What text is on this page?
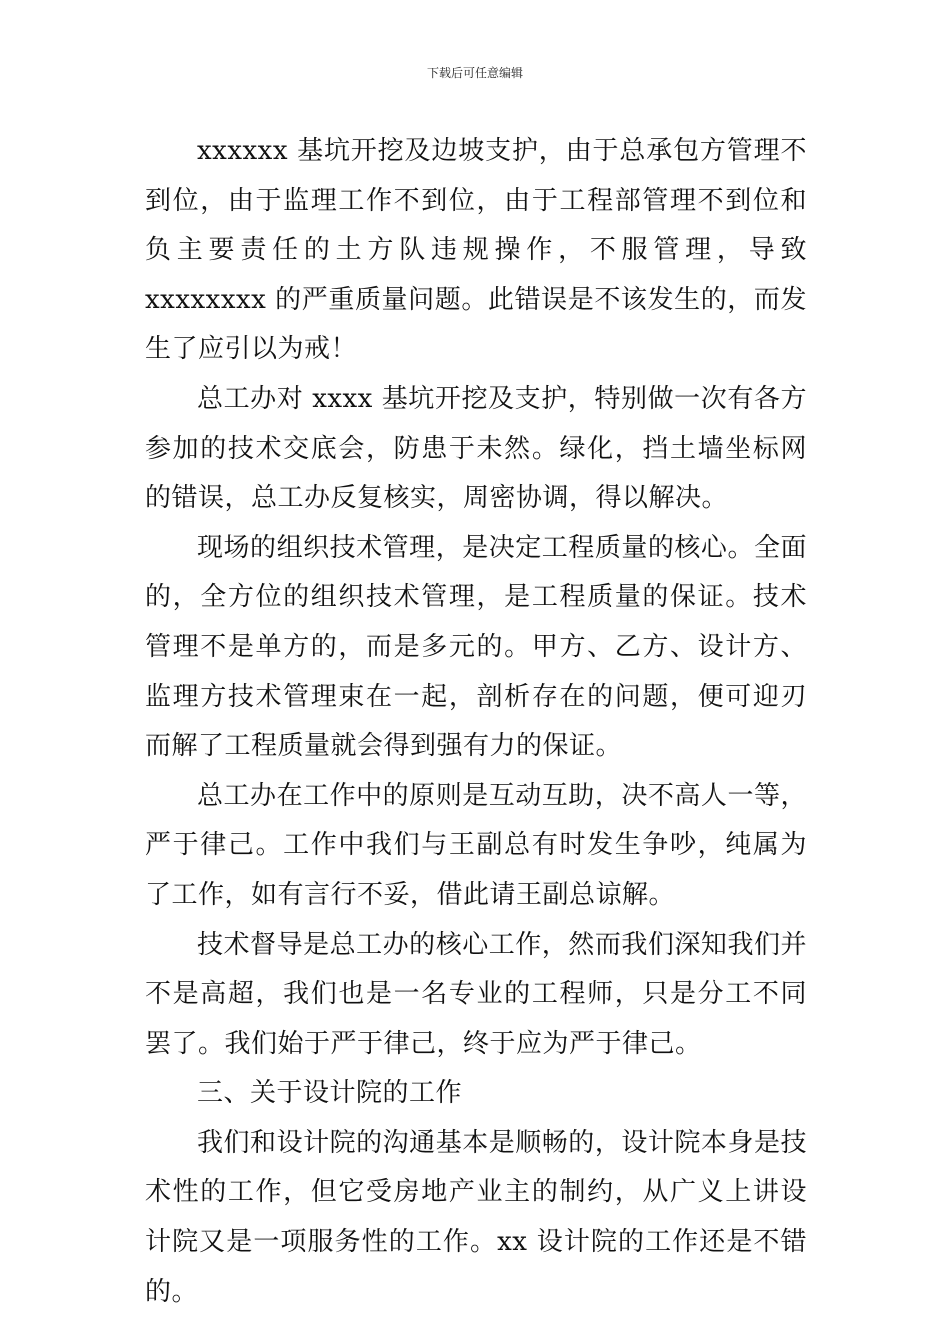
下载后可任意编辑

xxxxxx 基坑开挖及边坡支护，由于总承包方管理不到位，由于监理工作不到位，由于工程部管理不到位和负主要责任的土方队违规操作，不服管理，导致 xxxxxxxx 的严重质量问题。此错误是不该发生的，而发生了应引以为戒！

总工办对 xxxx 基坑开挖及支护，特别做一次有各方参加的技术交底会，防患于未然。绿化，挡土墙坐标网的错误，总工办反复核实，周密协调，得以解决。

现场的组织技术管理，是决定工程质量的核心。全面的，全方位的组织技术管理，是工程质量的保证。技术管理不是单方的，而是多元的。甲方、乙方、设计方、监理方技术管理束在一起，剖析存在的问题，便可迎刃而解了工程质量就会得到强有力的保证。

总工办在工作中的原则是互动互助，决不高人一等，严于律己。工作中我们与王副总有时发生争吵，纯属为了工作，如有言行不妥，借此请王副总谅解。

技术督导是总工办的核心工作，然而我们深知我们并不是高超，我们也是一名专业的工程师，只是分工不同罢了。我们始于严于律己，终于应为严于律己。

三、关于设计院的工作

我们和设计院的沟通基本是顺畅的，设计院本身是技术性的工作，但它受房地产业主的制约，从广义上讲设计院又是一项服务性的工作。xx 设计院的工作还是不错的。
